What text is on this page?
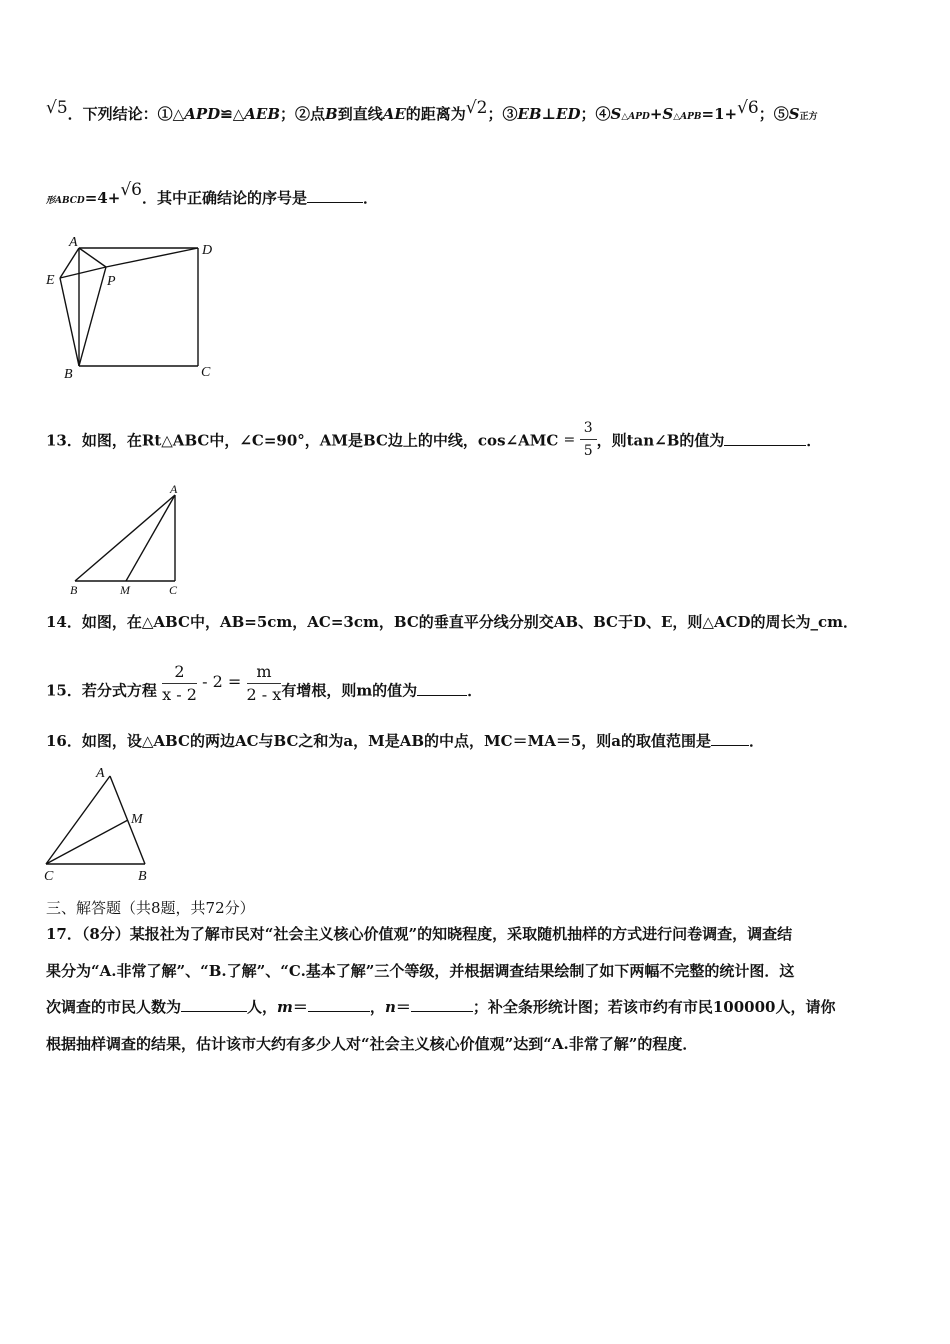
√5．下列结论：①△APD≌△AEB；②点B到直线AE的距离为√2；③EB⊥ED；④S△APD+S△APB=1+√6；⑤S正方
形ABCD=4+√6．其中正确结论的序号是	．
A
D
E	P
B	C
A
B	M	C
A
M
C	B
13．如图，在Rt△ABC中，∠C=90°，AM是BC边上的中线，cos∠AMC = $\frac{3}{5}$ ，则tan∠B的值为	．
14．如图，在△ABC中，AB=5cm，AC=3cm，BC的垂直平分线分别交AB、BC于D、E，则△ACD的周长为_cm．
15．若分式方程 $\frac{2}{x - 2} - 2 = \frac{m}{2 - x}$ 有增根，则m的值为	．
16．如图，设△ABC的两边AC与BC之和为a，M是AB的中点，MC＝MA＝5，则a的取值范围是	．
三、解答题（共8题，共72分）
17．（8分）某报社为了解市民对“社会主义核心价值观”的知晓程度，采取随机抽样的方式进行问卷调查，调查结
果分为“A.非常了解”、“B.了解”、“C.基本了解”三个等级，并根据调查结果绘制了如下两幅不完整的统计图．这
次调查的市民人数为	人，m＝	，n＝	；补全条形统计图；若该市约有市民100000人，请你
根据抽样调查的结果，估计该市大约有多少人对“社会主义核心价值观”达到“A.非常了解”的程度．
